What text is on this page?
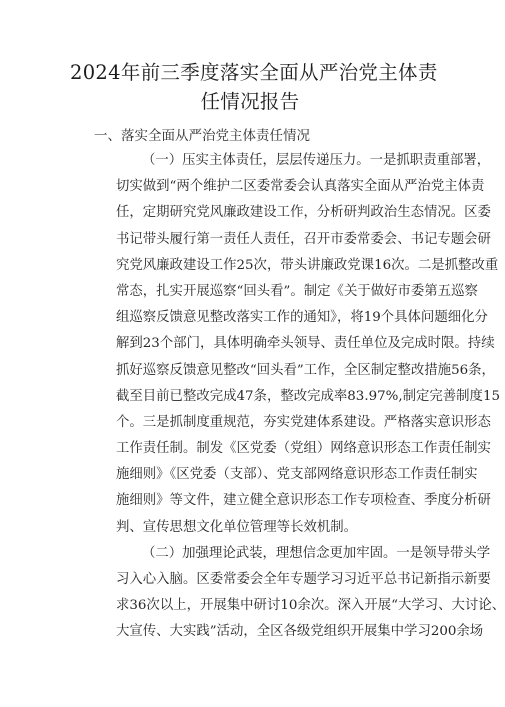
2024年前三季度落实全面从严治党主体责
任情况报告
一、落实全面从严治党主体责任情况
（一）压实主体责任，层层传递压力。一是抓职责重部署，
切实做到“两个维护二区委常委会认真落实全面从严治党主体责
任，定期研究党风廉政建设工作，分析研判政治生态情况。区委
书记带头履行第一责任人责任，召开市委常委会、书记专题会研
究党风廉政建设工作25次，带头讲廉政党课16次。二是抓整改重
常态，扎实开展巡察“回头看”。制定《关于做好市委第五巡察
组巡察反馈意见整改落实工作的通知》，将19个具体问题细化分
解到23个部门，具体明确牵头领导、责任单位及完成时限。持续
抓好巡察反馈意见整改“回头看”工作，全区制定整改措施56条，
截至目前已整改完成47条，整改完成率83.97%,制定完善制度15
个。三是抓制度重规范，夯实党建体系建设。严格落实意识形态
工作责任制。制发《区党委（党组）网络意识形态工作责任制实
施细则》《区党委（支部）、党支部网络意识形态工作责任制实
施细则》等文件，建立健全意识形态工作专项检查、季度分析研
判、宣传思想文化单位管理等长效机制。
（二）加强理论武装，理想信念更加牢固。一是领导带头学
习入心入脑。区委常委会全年专题学习习近平总书记新指示新要
求36次以上，开展集中研讨10余次。深入开展“大学习、大讨论、
大宣传、大实践”活动，全区各级党组织开展集中学习200余场
